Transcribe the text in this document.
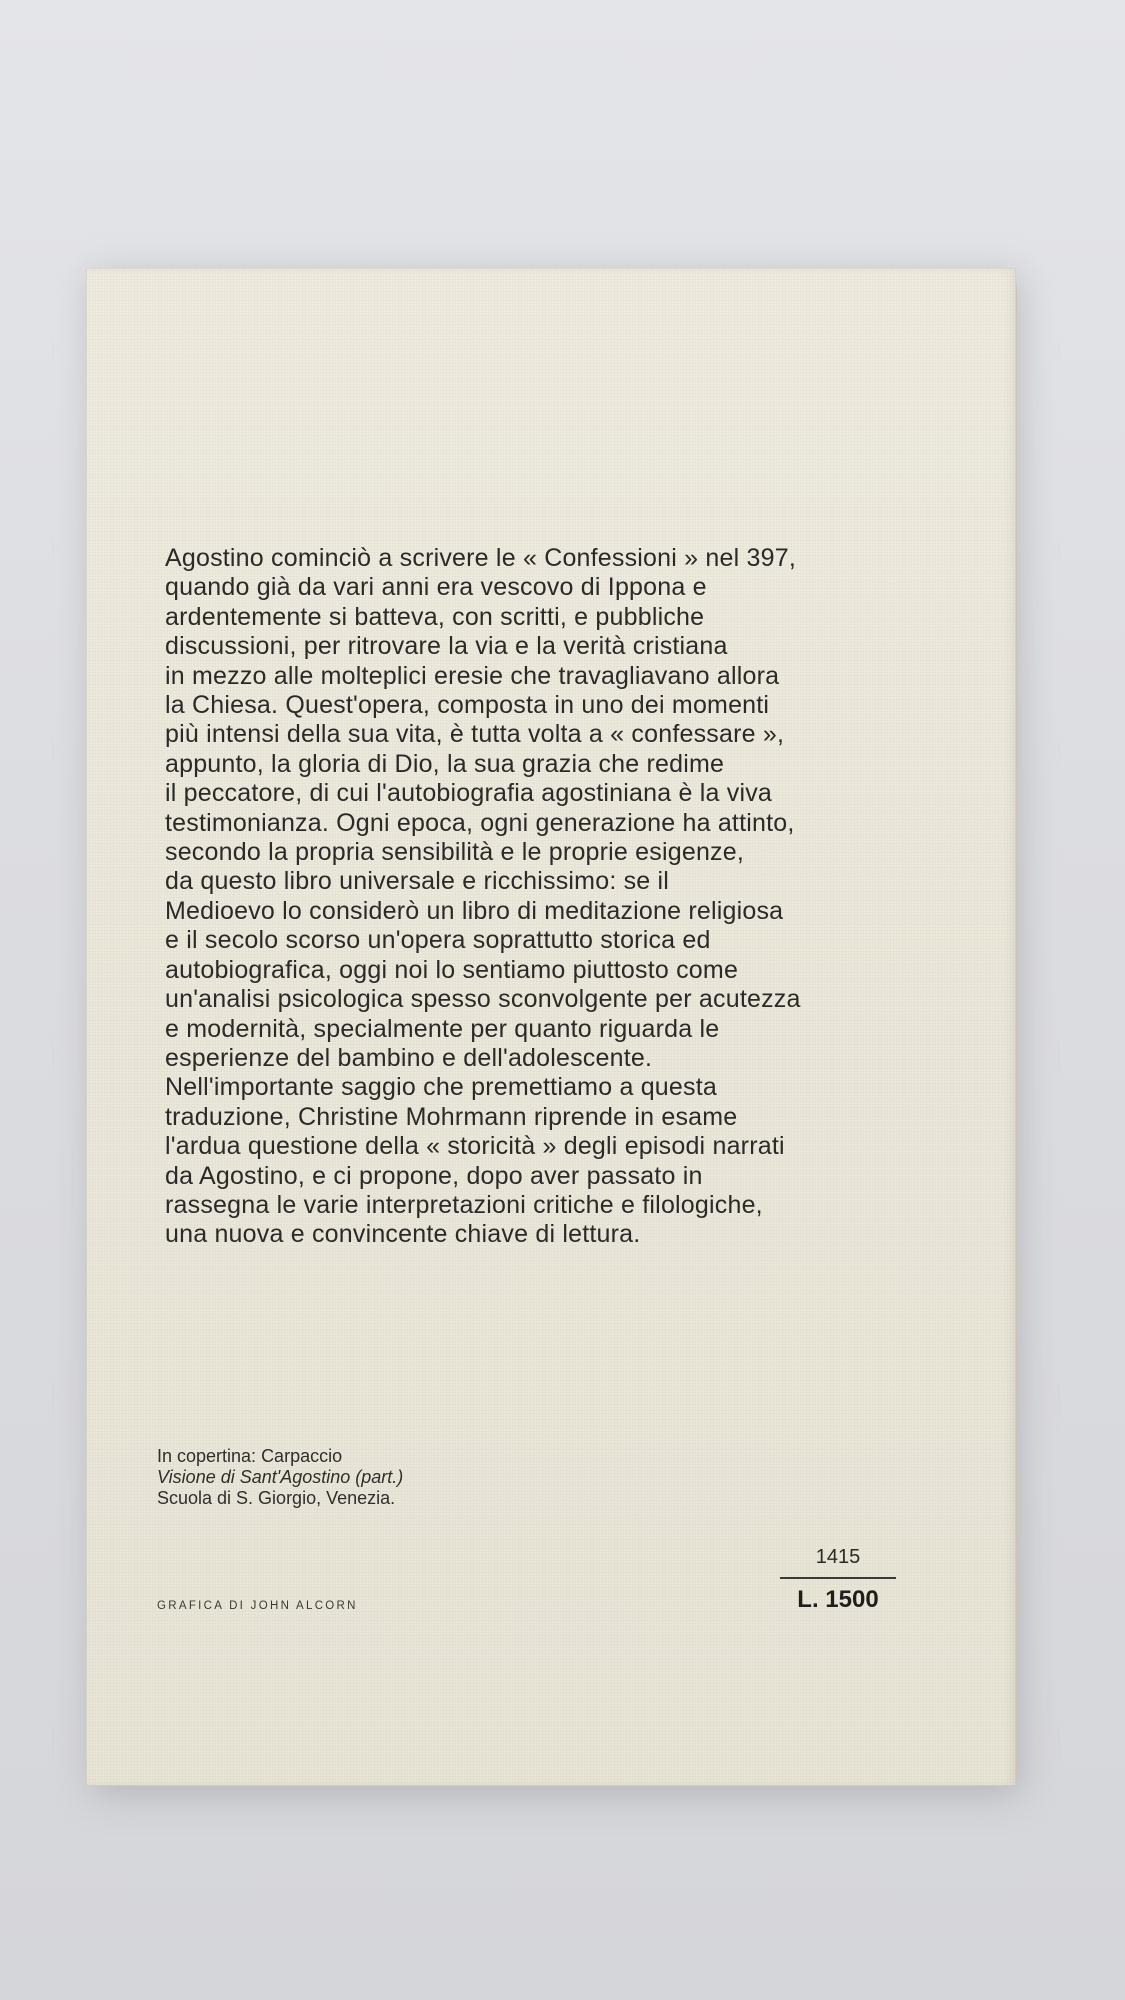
Agostino cominciò a scrivere le « Confessioni » nel 397,
quando già da vari anni era vescovo di Ippona e
ardentemente si batteva, con scritti, e pubbliche
discussioni, per ritrovare la via e la verità cristiana
in mezzo alle molteplici eresie che travagliavano allora
la Chiesa. Quest'opera, composta in uno dei momenti
più intensi della sua vita, è tutta volta a « confessare »,
appunto, la gloria di Dio, la sua grazia che redime
il peccatore, di cui l'autobiografia agostiniana è la viva
testimonianza. Ogni epoca, ogni generazione ha attinto,
secondo la propria sensibilità e le proprie esigenze,
da questo libro universale e ricchissimo: se il
Medioevo lo considerò un libro di meditazione religiosa
e il secolo scorso un'opera soprattutto storica ed
autobiografica, oggi noi lo sentiamo piuttosto come
un'analisi psicologica spesso sconvolgente per acutezza
e modernità, specialmente per quanto riguarda le
esperienze del bambino e dell'adolescente.
Nell'importante saggio che premettiamo a questa
traduzione, Christine Mohrmann riprende in esame
l'ardua questione della « storicità » degli episodi narrati
da Agostino, e ci propone, dopo aver passato in
rassegna le varie interpretazioni critiche e filologiche,
una nuova e convincente chiave di lettura.
In copertina: Carpaccio
Visione di Sant'Agostino (part.)
Scuola di S. Giorgio, Venezia.
GRAFICA DI JOHN ALCORN
1415
L. 1500
